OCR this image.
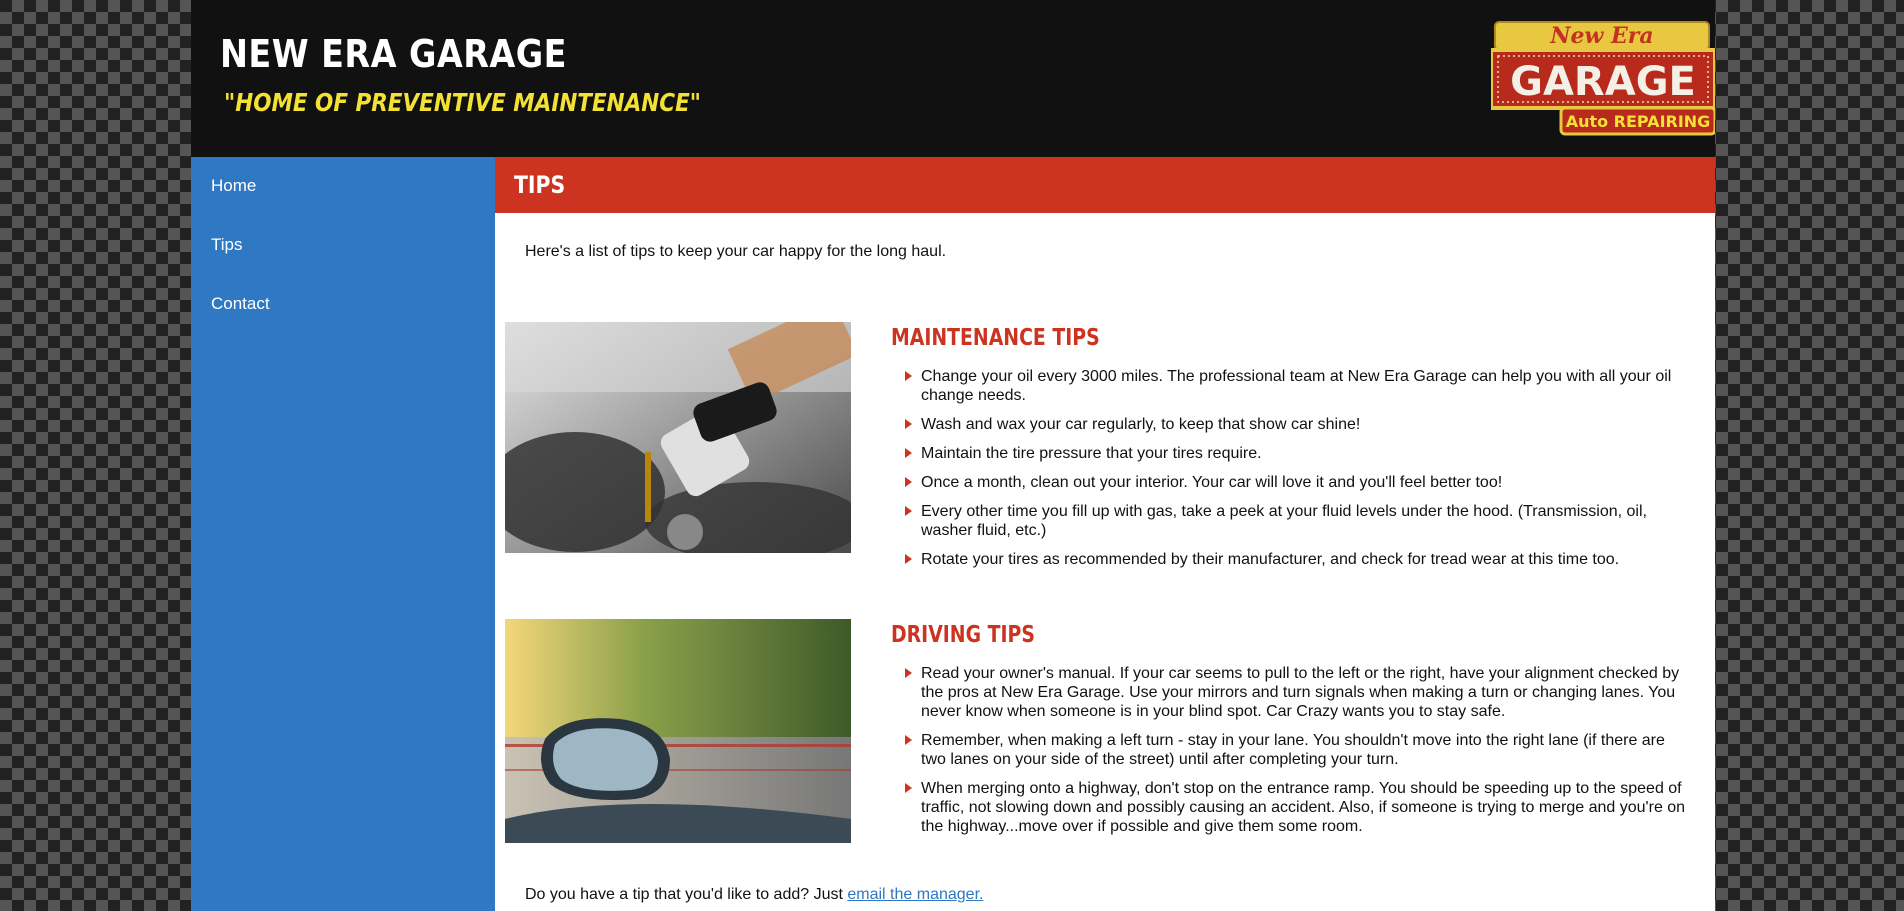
NEW ERA GARAGE

"HOME OF PREVENTIVE MAINTENANCE"

New Era
GARAGE
Auto REPAIRING
Home
Tips
Contact
TIPS

Here's a list of tips to keep your car happy for the long haul.

MAINTENANCE TIPS
Change your oil every 3000 miles. The professional team at New Era Garage can help you with all your oil change needs.
Wash and wax your car regularly, to keep that show car shine!
Maintain the tire pressure that your tires require.
Once a month, clean out your interior. Your car will love it and you'll feel better too!
Every other time you fill up with gas, take a peek at your fluid levels under the hood. (Transmission, oil, washer fluid, etc.)
Rotate your tires as recommended by their manufacturer, and check for tread wear at this time too.
DRIVING TIPS
Read your owner's manual. If your car seems to pull to the left or the right, have your alignment checked by the pros at New Era Garage. Use your mirrors and turn signals when making a turn or changing lanes. You never know when someone is in your blind spot. Car Crazy wants you to stay safe.
Remember, when making a left turn - stay in your lane. You shouldn't move into the right lane (if there are two lanes on your side of the street) until after completing your turn.
When merging onto a highway, don't stop on the entrance ramp. You should be speeding up to the speed of traffic, not slowing down and possibly causing an accident. Also, if someone is trying to merge and you're on the highway...move over if possible and give them some room.

Do you have a tip that you'd like to add? Just email the manager.
